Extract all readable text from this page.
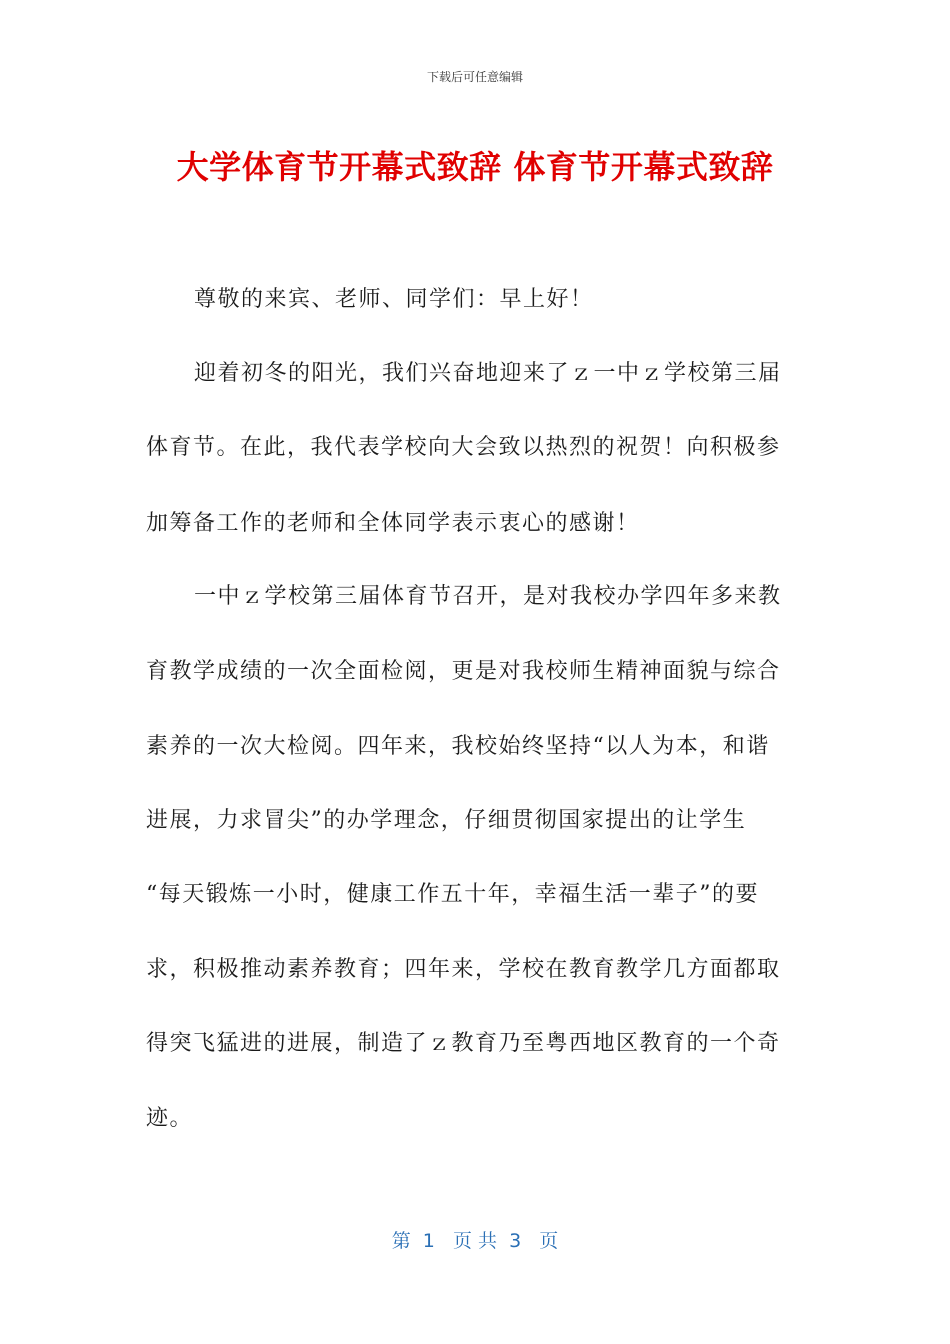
下载后可任意编辑
大学体育节开幕式致辞 体育节开幕式致辞
尊敬的来宾、老师、同学们：早上好！
迎着初冬的阳光，我们兴奋地迎来了ｚ一中ｚ学校第三届
体育节。在此，我代表学校向大会致以热烈的祝贺！向积极参
加筹备工作的老师和全体同学表示衷心的感谢！
一中ｚ学校第三届体育节召开，是对我校办学四年多来教
育教学成绩的一次全面检阅，更是对我校师生精神面貌与综合
素养的一次大检阅。四年来，我校始终坚持“以人为本，和谐
进展，力求冒尖”的办学理念，仔细贯彻国家提出的让学生
“每天锻炼一小时，健康工作五十年，幸福生活一辈子”的要
求，积极推动素养教育；四年来，学校在教育教学几方面都取
得突飞猛进的进展，制造了ｚ教育乃至粤西地区教育的一个奇
迹。
第  1   页 共  3   页
